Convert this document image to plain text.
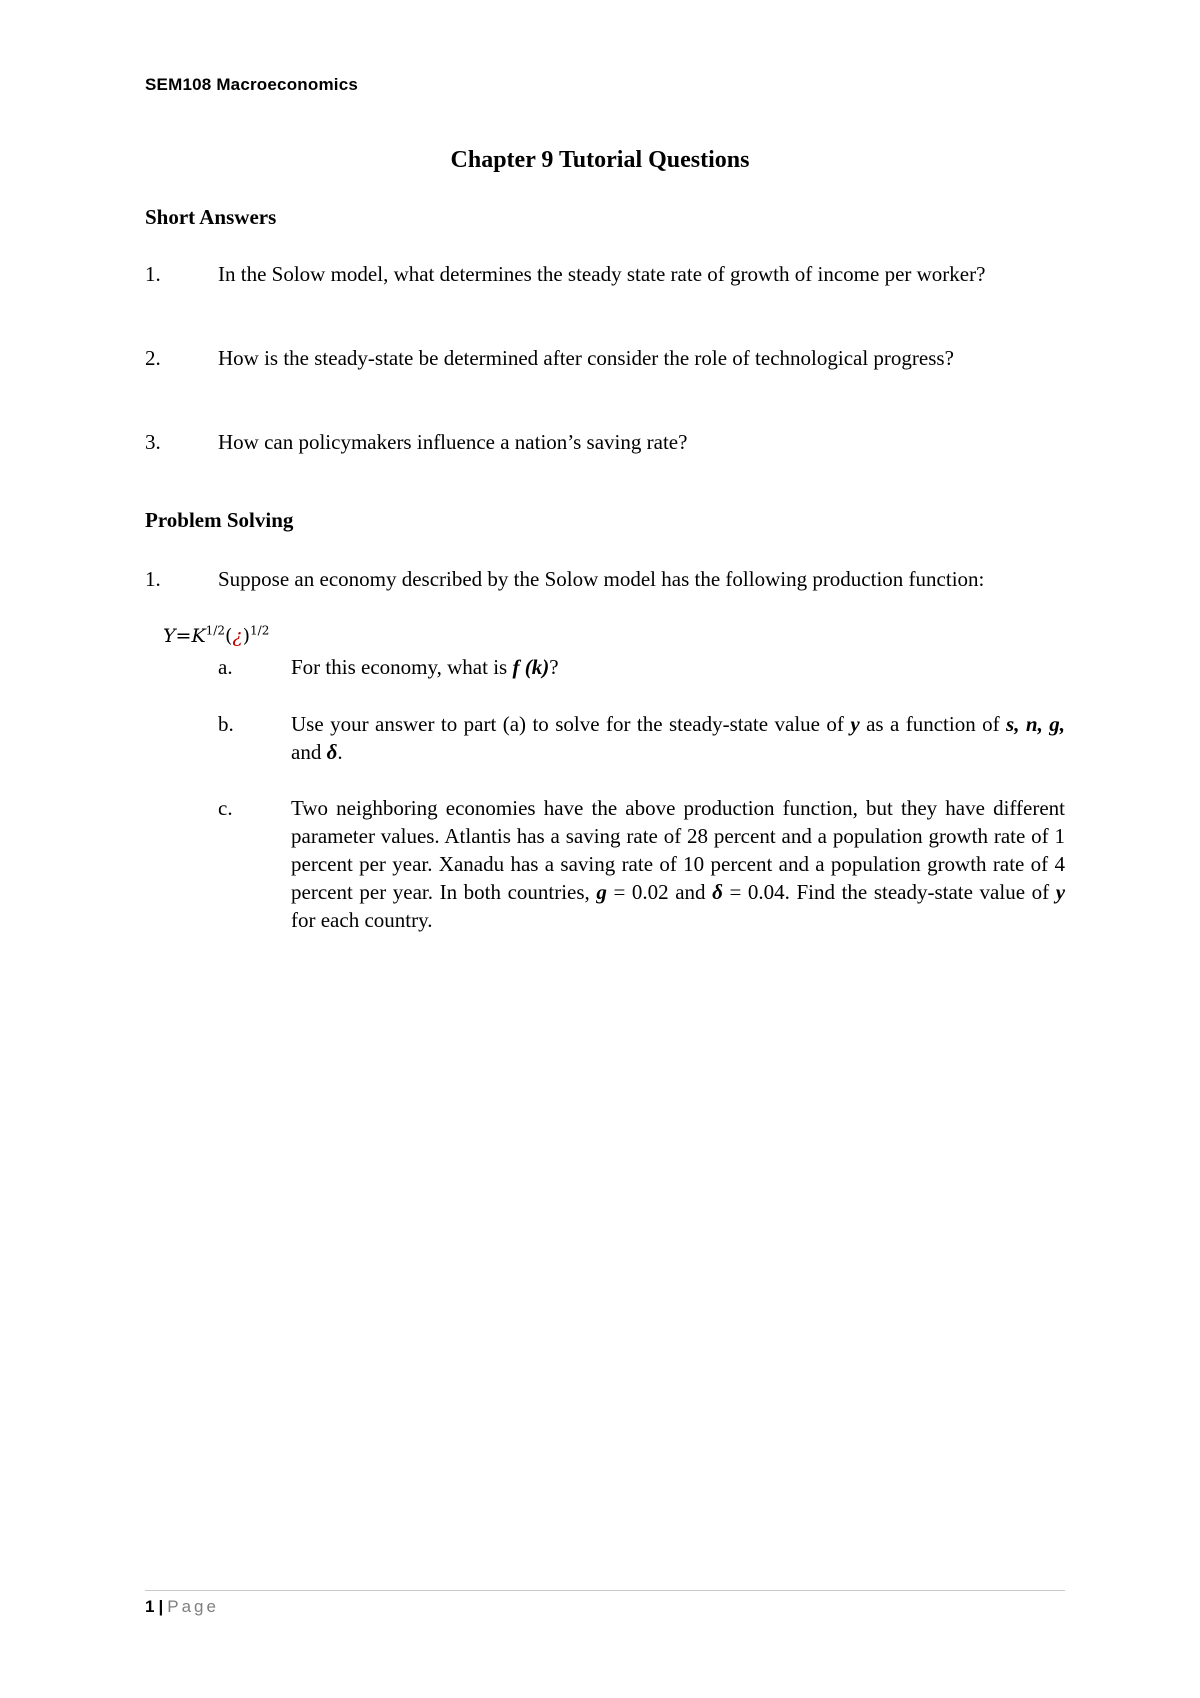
SEM108 Macroeconomics
Chapter 9 Tutorial Questions
Short Answers
1.	In the Solow model, what determines the steady state rate of growth of income per worker?
2.	How is the steady-state be determined after consider the role of technological progress?
3.	How can policymakers influence a nation’s saving rate?
Problem Solving
1.	Suppose an economy described by the Solow model has the following production function:
$Y=K^{1/2}(¿)^{1/2}$
a.	For this economy, what is f (k)?
b.	Use your answer to part (a) to solve for the steady-state value of y as a function of s, n, g, and δ.
c.	Two neighboring economies have the above production function, but they have different parameter values. Atlantis has a saving rate of 28 percent and a population growth rate of 1 percent per year. Xanadu has a saving rate of 10 percent and a population growth rate of 4 percent per year. In both countries, g = 0.02 and δ = 0.04. Find the steady-state value of y for each country.
1 | Page
